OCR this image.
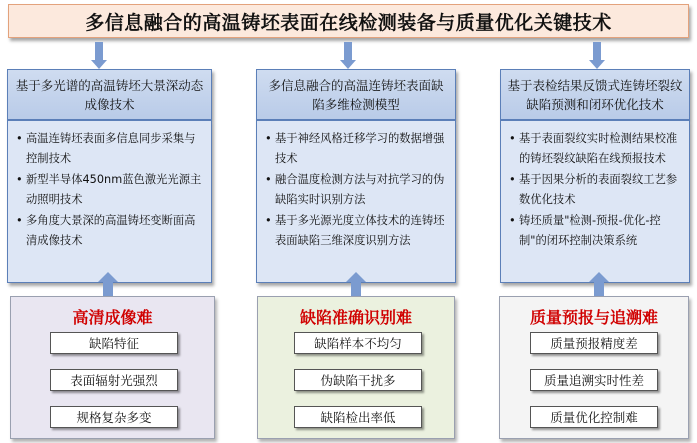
多信息融合的高温铸坯表面在线检测装备与质量优化关键技术
基于多光谱的高温铸坯大景深动态成像技术
• 高温连铸坯表面多信息同步采集与控制技术
• 新型半导体450nm蓝色激光光源主动照明技术
• 多角度大景深的高温铸坯变断面高清成像技术
多信息融合的高温连铸坯表面缺陷多维检测模型
• 基于神经风格迁移学习的数据增强技术
• 融合温度检测方法与对抗学习的伪缺陷实时识别方法
• 基于多光源光度立体技术的连铸坯表面缺陷三维深度识别方法
基于表检结果反馈式连铸坯裂纹缺陷预测和闭环优化技术
• 基于表面裂纹实时检测结果校准的铸坯裂纹缺陷在线预报技术
• 基于因果分析的表面裂纹工艺参数优化技术
• 铸坯质量"检测-预报-优化-控制"的闭环控制决策系统
高清成像难
缺陷特征
表面辐射光强烈
规格复杂多变
缺陷准确识别难
缺陷样本不均匀
伪缺陷干扰多
缺陷检出率低
质量预报与追溯难
质量预报精度差
质量追溯实时性差
质量优化控制难
